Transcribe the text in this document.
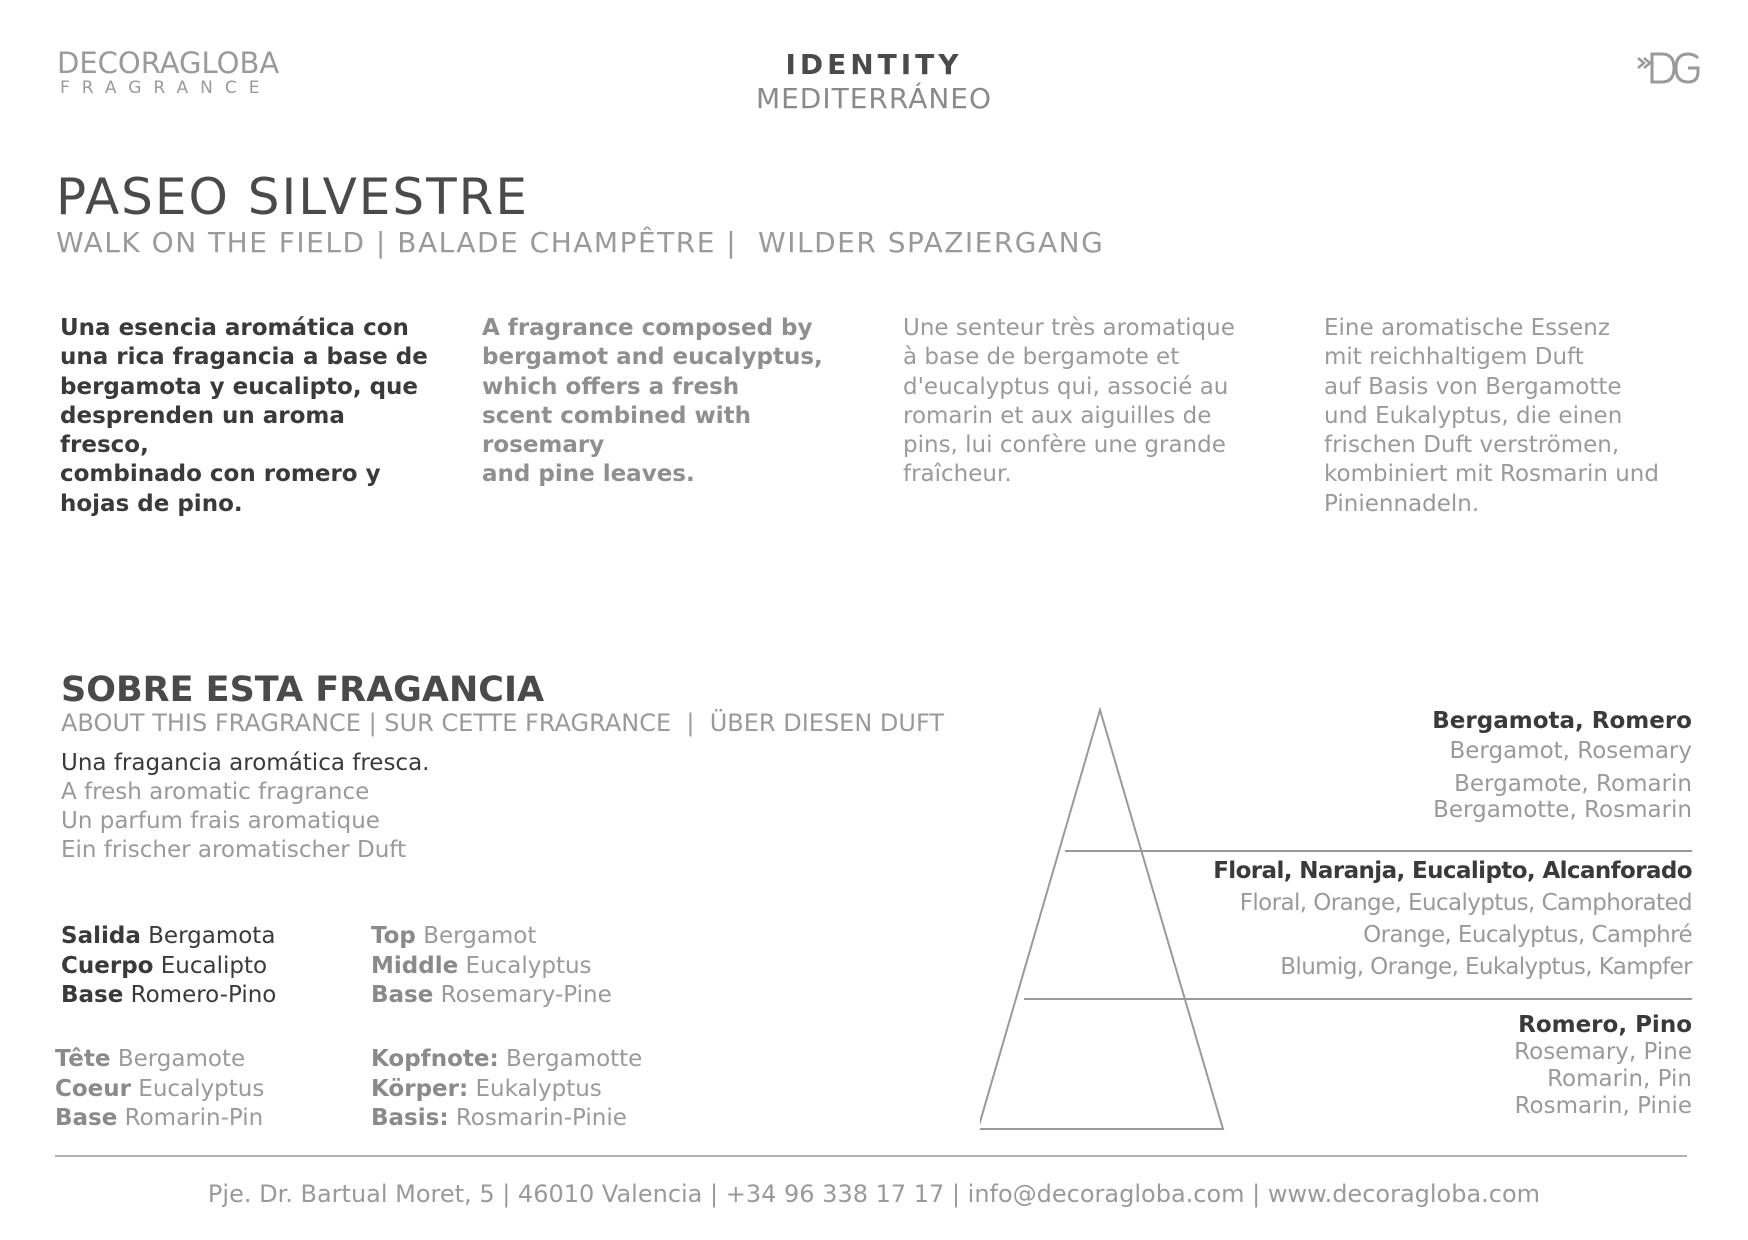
DECORAGLOBA
FRAGRANCE
IDENTITY
MEDITERRÁNEO
PASEO SILVESTRE
WALK ON THE FIELD | BALADE CHAMPÊTRE |  WILDER SPAZIERGANG
Una esencia aromática con
una rica fragancia a base de
bergamota y eucalipto, que
desprenden un aroma fresco,
combinado con romero y
hojas de pino.
A fragrance composed by
bergamot and eucalyptus,
which offers a fresh
scent combined with rosemary
and pine leaves.
Une senteur très aromatique
à base de bergamote et
d'eucalyptus qui, associé au
romarin et aux aiguilles de
pins, lui confère une grande
fraîcheur.
Eine aromatische Essenz
mit reichhaltigem Duft
auf Basis von Bergamotte
und Eukalyptus, die einen
frischen Duft verströmen,
kombiniert mit Rosmarin und
Piniennadeln.
SOBRE ESTA FRAGANCIA
ABOUT THIS FRAGRANCE | SUR CETTE FRAGRANCE  |  ÜBER DIESEN DUFT
Una fragancia aromática fresca.
A fresh aromatic fragrance
Un parfum frais aromatique
Ein frischer aromatischer Duft
Salida Bergamota
Cuerpo Eucalipto
Base Romero-Pino
Top Bergamot
Middle Eucalyptus
Base Rosemary-Pine
Tête Bergamote
Coeur Eucalyptus
Base Romarin-Pin
Kopfnote: Bergamotte
Körper: Eukalyptus
Basis: Rosmarin-Pinie
Bergamota, Romero
Bergamot, Rosemary
Bergamote, Romarin
Bergamotte, Rosmarin
Floral, Naranja, Eucalipto, Alcanforado
Floral, Orange, Eucalyptus, Camphorated
Orange, Eucalyptus, Camphré
Blumig, Orange, Eukalyptus, Kampfer
Romero, Pino
Rosemary, Pine
Romarin, Pin
Rosmarin, Pinie
Pje. Dr. Bartual Moret, 5 | 46010 Valencia | +34 96 338 17 17 | info@decoragloba.com | www.decoragloba.com
